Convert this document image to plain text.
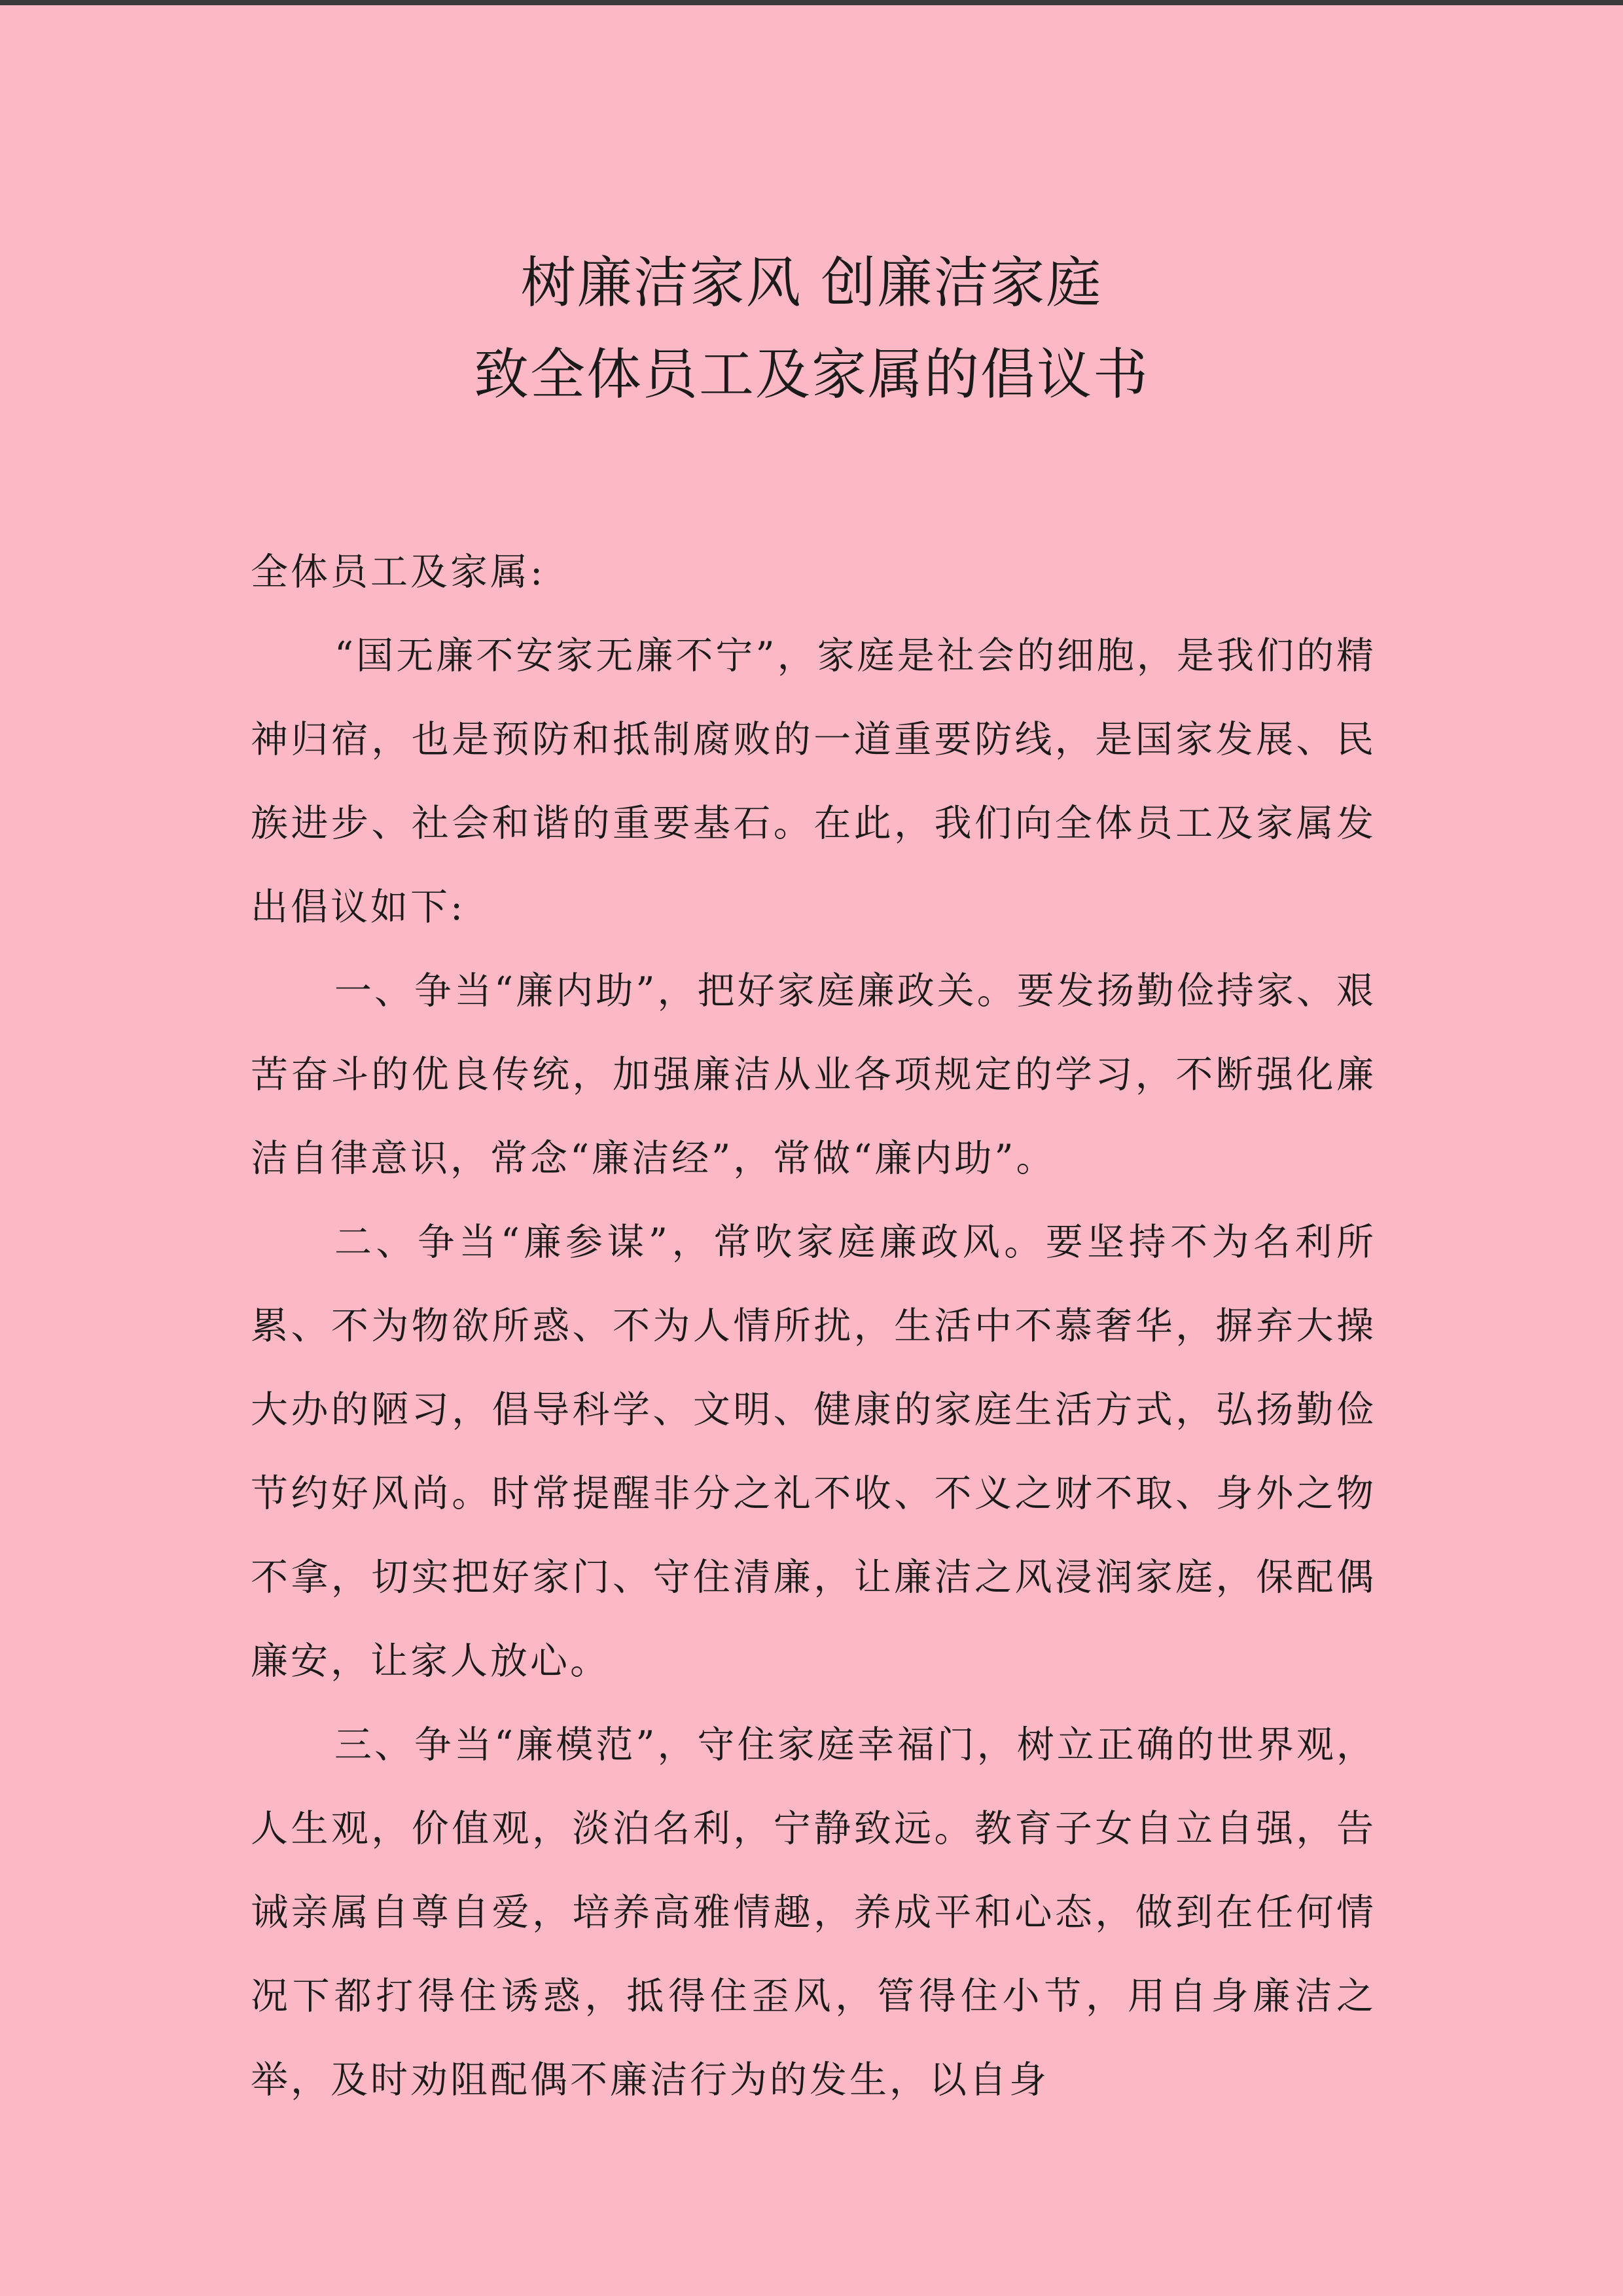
树廉洁家风 创廉洁家庭
致全体员工及家属的倡议书

全体员工及家属:

“国无廉不安家无廉不宁”，家庭是社会的细胞，是我们的精神归宿，也是预防和抵制腐败的一道重要防线，是国家发展、民族进步、社会和谐的重要基石。在此，我们向全体员工及家属发出倡议如下:

一、争当“廉内助”，把好家庭廉政关。要发扬勤俭持家、艰苦奋斗的优良传统，加强廉洁从业各项规定的学习，不断强化廉洁自律意识，常念“廉洁经”，常做“廉内助”。

二、争当“廉参谋”，常吹家庭廉政风。要坚持不为名利所累、不为物欲所惑、不为人情所扰，生活中不慕奢华，摒弃大操大办的陋习，倡导科学、文明、健康的家庭生活方式，弘扬勤俭节约好风尚。时常提醒非分之礼不收、不义之财不取、身外之物不拿，切实把好家门、守住清廉，让廉洁之风浸润家庭，保配偶廉安，让家人放心。

三、争当“廉模范”，守住家庭幸福门，树立正确的世界观，人生观，价值观，淡泊名利，宁静致远。教育子女自立自强，告诫亲属自尊自爱，培养高雅情趣，养成平和心态，做到在任何情况下都打得住诱惑，抵得住歪风，管得住小节，用自身廉洁之举，及时劝阻配偶不廉洁行为的发生，以自身
